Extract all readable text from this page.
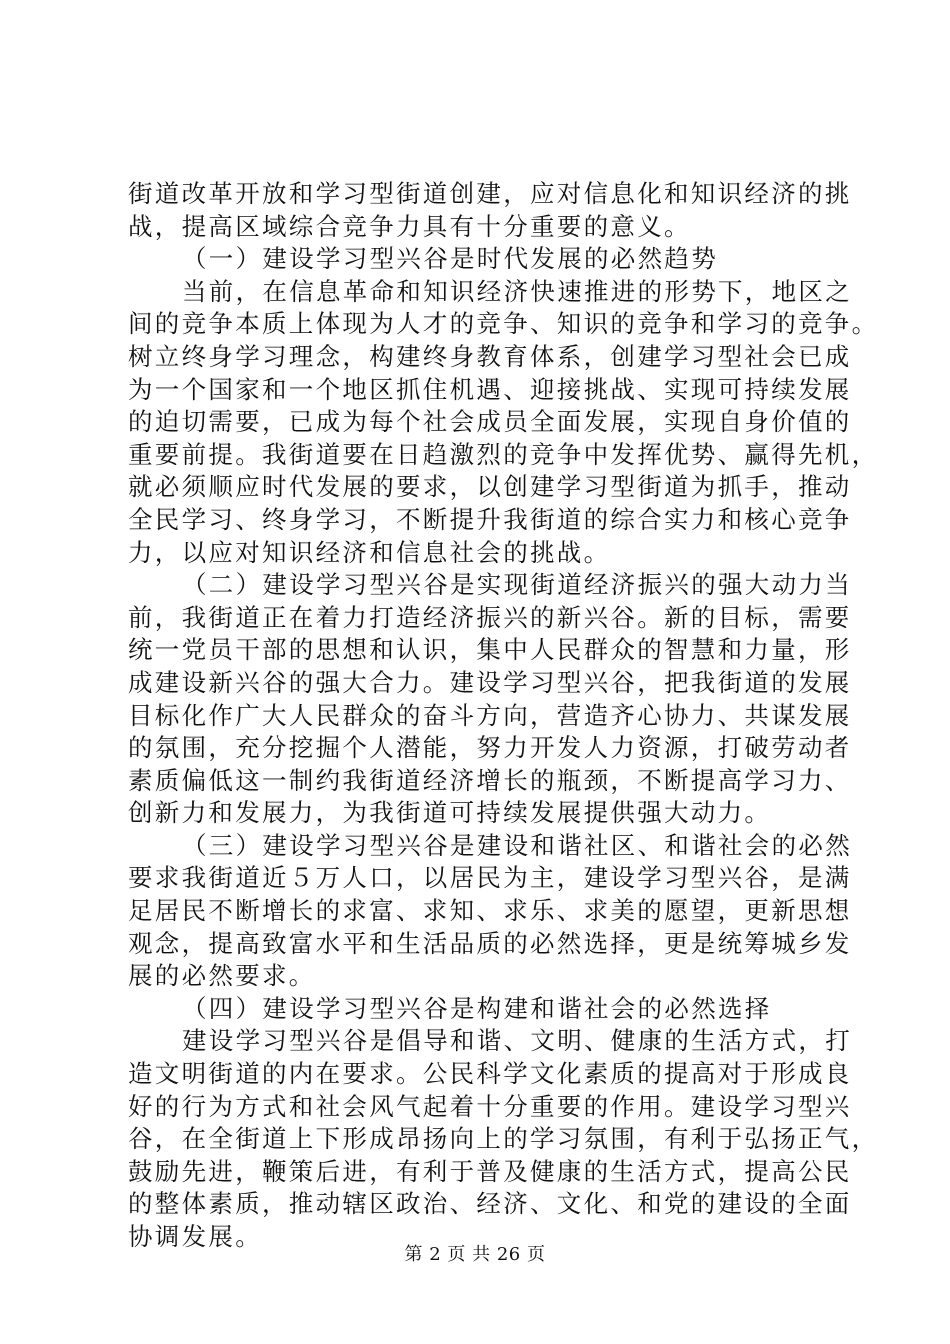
街道改革开放和学习型街道创建，应对信息化和知识经济的挑
战，提高区域综合竞争力具有十分重要的意义。
（一）建设学习型兴谷是时代发展的必然趋势
当前，在信息革命和知识经济快速推进的形势下，地区之
间的竞争本质上体现为人才的竞争、知识的竞争和学习的竞争。
树立终身学习理念，构建终身教育体系，创建学习型社会已成
为一个国家和一个地区抓住机遇、迎接挑战、实现可持续发展
的迫切需要，已成为每个社会成员全面发展，实现自身价值的
重要前提。我街道要在日趋激烈的竞争中发挥优势、赢得先机，
就必须顺应时代发展的要求，以创建学习型街道为抓手，推动
全民学习、终身学习，不断提升我街道的综合实力和核心竞争
力，以应对知识经济和信息社会的挑战。
（二）建设学习型兴谷是实现街道经济振兴的强大动力当
前，我街道正在着力打造经济振兴的新兴谷。新的目标，需要
统一党员干部的思想和认识，集中人民群众的智慧和力量，形
成建设新兴谷的强大合力。建设学习型兴谷，把我街道的发展
目标化作广大人民群众的奋斗方向，营造齐心协力、共谋发展
的氛围，充分挖掘个人潜能，努力开发人力资源，打破劳动者
素质偏低这一制约我街道经济增长的瓶颈，不断提高学习力、
创新力和发展力，为我街道可持续发展提供强大动力。
（三）建设学习型兴谷是建设和谐社区、和谐社会的必然
要求我街道近５万人口，以居民为主，建设学习型兴谷，是满
足居民不断增长的求富、求知、求乐、求美的愿望，更新思想
观念，提高致富水平和生活品质的必然选择，更是统筹城乡发
展的必然要求。
（四）建设学习型兴谷是构建和谐社会的必然选择
建设学习型兴谷是倡导和谐、文明、健康的生活方式，打
造文明街道的内在要求。公民科学文化素质的提高对于形成良
好的行为方式和社会风气起着十分重要的作用。建设学习型兴
谷，在全街道上下形成昂扬向上的学习氛围，有利于弘扬正气，
鼓励先进，鞭策后进，有利于普及健康的生活方式，提高公民
的整体素质，推动辖区政治、经济、文化、和党的建设的全面
协调发展。
第 2 页 共 26 页
